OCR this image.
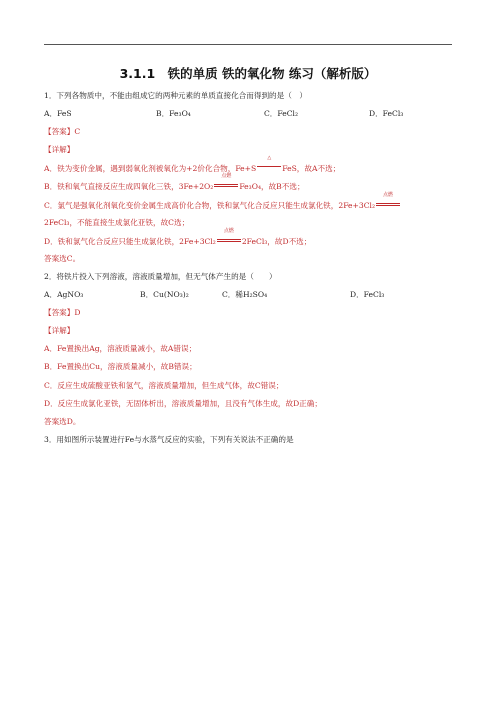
3.1.1　铁的单质 铁的氧化物 练习（解析版）
1．下列各物质中，不能由组成它的两种元素的单质直接化合而得到的是（　）
A．FeS	B．Fe₃O₄	C．FeCl₂	D．FeCl₃
【答案】C
【详解】
A．铁为变价金属，遇到弱氧化剂被氧化为+2价化合物，Fe+S
△
FeS，故A不选；
B．铁和氧气直接反应生成四氧化三铁，3Fe+2O₂
点燃
Fe₃O₄，故B不选；
C．氯气是强氧化剂氧化变价金属生成高价化合物，铁和氯气化合反应只能生成氯化铁，2Fe+3Cl₂
点燃
2FeCl₃，不能直接生成氯化亚铁，故C选；
D．铁和氯气化合反应只能生成氯化铁，2Fe+3Cl₂
点燃
2FeCl₃，故D不选；
答案选C。
2．将铁片投入下列溶液，溶液质量增加，但无气体产生的是（　　）
A．AgNO₃	B．Cu(NO₃)₂	C．稀H₂SO₄	D．FeCl₃
【答案】D
【详解】
A．Fe置换出Ag，溶液质量减小，故A错误；
B．Fe置换出Cu，溶液质量减小，故B错误；
C．反应生成硫酸亚铁和氢气，溶液质量增加，但生成气体，故C错误；
D．反应生成氯化亚铁，无固体析出，溶液质量增加，且没有气体生成，故D正确；
答案选D。
3．用如图所示装置进行Fe与水蒸气反应的实验，下列有关说法不正确的是
